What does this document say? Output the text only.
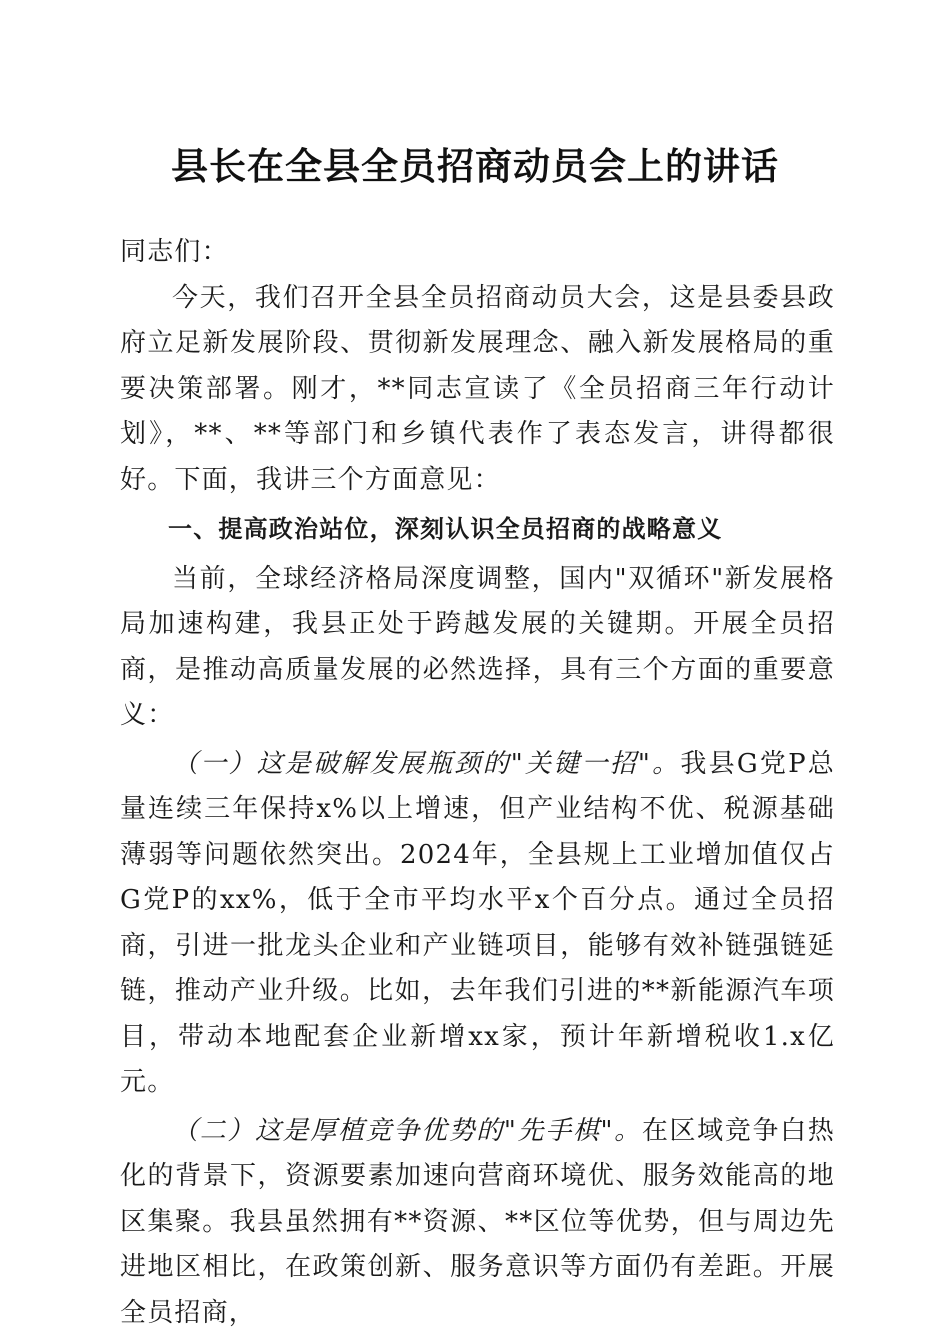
县长在全县全员招商动员会上的讲话

同志们：

今天，我们召开全县全员招商动员大会，这是县委县政府立足新发展阶段、贯彻新发展理念、融入新发展格局的重要决策部署。刚才，**同志宣读了《全员招商三年行动计划》，**、**等部门和乡镇代表作了表态发言，讲得都很好。下面，我讲三个方面意见：

一、提高政治站位，深刻认识全员招商的战略意义

当前，全球经济格局深度调整，国内"双循环"新发展格局加速构建，我县正处于跨越发展的关键期。开展全员招商，是推动高质量发展的必然选择，具有三个方面的重要意义：

（一）这是破解发展瓶颈的"关键一招"。我县G党P总量连续三年保持x%以上增速，但产业结构不优、税源基础薄弱等问题依然突出。2024年，全县规上工业增加值仅占G党P的xx%，低于全市平均水平x个百分点。通过全员招商，引进一批龙头企业和产业链项目，能够有效补链强链延链，推动产业升级。比如，去年我们引进的**新能源汽车项目，带动本地配套企业新增xx家，预计年新增税收1.x亿元。

（二）这是厚植竞争优势的"先手棋"。在区域竞争白热化的背景下，资源要素加速向营商环境优、服务效能高的地区集聚。我县虽然拥有**资源、**区位等优势，但与周边先进地区相比，在政策创新、服务意识等方面仍有差距。开展全员招商，
